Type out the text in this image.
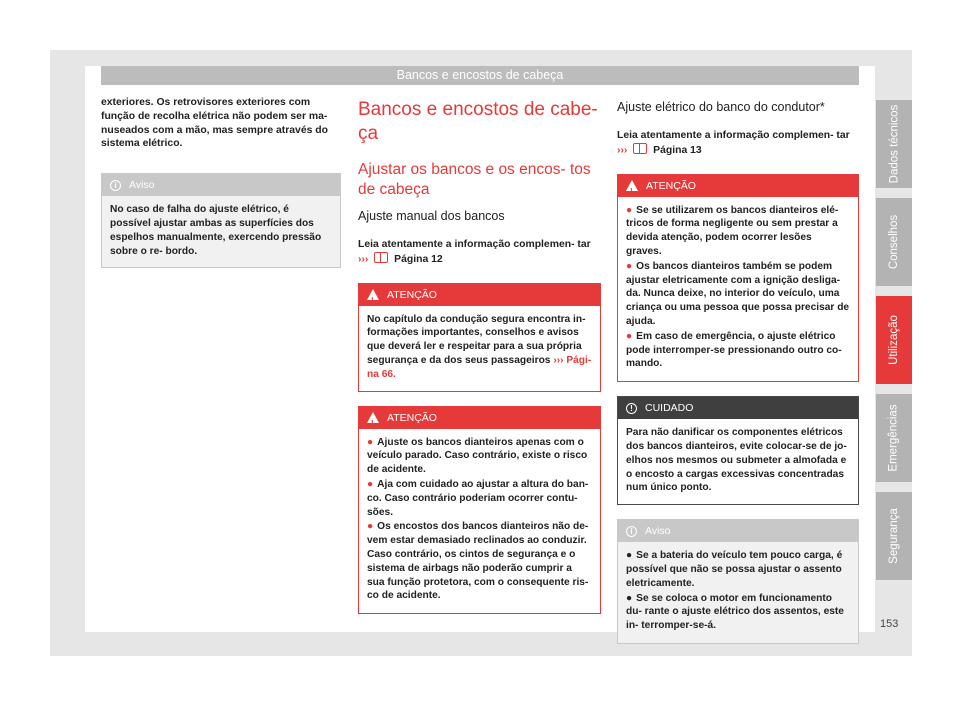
Bancos e encostos de cabeça

exteriores. Os retrovisores exteriores com função de recolha elétrica não podem ser ma- nuseados com a mão, mas sempre através do sistema elétrico.

i	Aviso
No caso de falha do ajuste elétrico, é possível ajustar ambas as superfícies dos espelhos manualmente, exercendo pressão sobre o re- bordo.
Bancos e encostos de cabe- ça
Ajustar os bancos e os encos- tos de cabeça
Ajuste manual dos bancos

Leia atentamente a informação complemen- tar ››› Página 12

!
ATENÇÃO
No capítulo da condução segura encontra in- formações importantes, conselhos e avisos que deverá ler e respeitar para a sua própria segurança e da dos seus passageiros ››› Pági- na 66.
!
ATENÇÃO
● Ajuste os bancos dianteiros apenas com o veículo parado. Caso contrário, existe o risco de acidente.
● Aja com cuidado ao ajustar a altura do ban- co. Caso contrário poderiam ocorrer contu- sões.
● Os encostos dos bancos dianteiros não de- vem estar demasiado reclinados ao conduzir. Caso contrário, os cintos de segurança e o sistema de airbags não poderão cumprir a sua função protetora, com o consequente ris- co de acidente.
Ajuste elétrico do banco do condutor*

Leia atentamente a informação complemen- tar ››› Página 13

!
ATENÇÃO
● Se se utilizarem os bancos dianteiros elé- tricos de forma negligente ou sem prestar a devida atenção, podem ocorrer lesões graves.
● Os bancos dianteiros também se podem ajustar eletricamente com a ignição desliga- da. Nunca deixe, no interior do veículo, uma criança ou uma pessoa que possa precisar de ajuda.
● Em caso de emergência, o ajuste elétrico pode interromper-se pressionando outro co- mando.
!	CUIDADO
Para não danificar os componentes elétricos dos bancos dianteiros, evite colocar-se de jo- elhos nos mesmos ou submeter a almofada e o encosto a cargas excessivas concentradas num único ponto.
i	Aviso
● Se a bateria do veículo tem pouco carga, é possível que não se possa ajustar o assento eletricamente.
● Se se coloca o motor em funcionamento du- rante o ajuste elétrico dos assentos, este in- terromper-se-á.
Dados técnicos
Conselhos
Utilização
Emergências
Segurança
153
